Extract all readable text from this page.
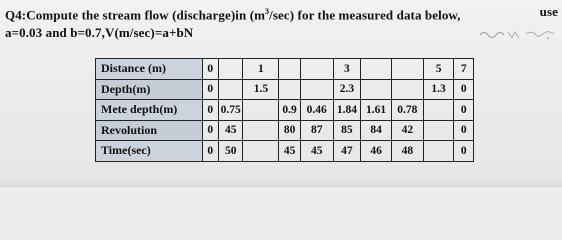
Q4:Compute the stream flow (discharge)in $(m^3/\sec)$ for the measured data below,	use
a=0.03 and b=0.7,V(m/sec)=a+bN
Distance (m)	0		1			3			5	7
Depth(m)	0		1.5			2.3			1.3	0
Mete depth(m)	0	0.75		0.9	0.46	1.84	1.61	0.78		0
Revolution	0	45		80	87	85	84	42		0
Time(sec)	0	50		45	45	47	46	48		0
